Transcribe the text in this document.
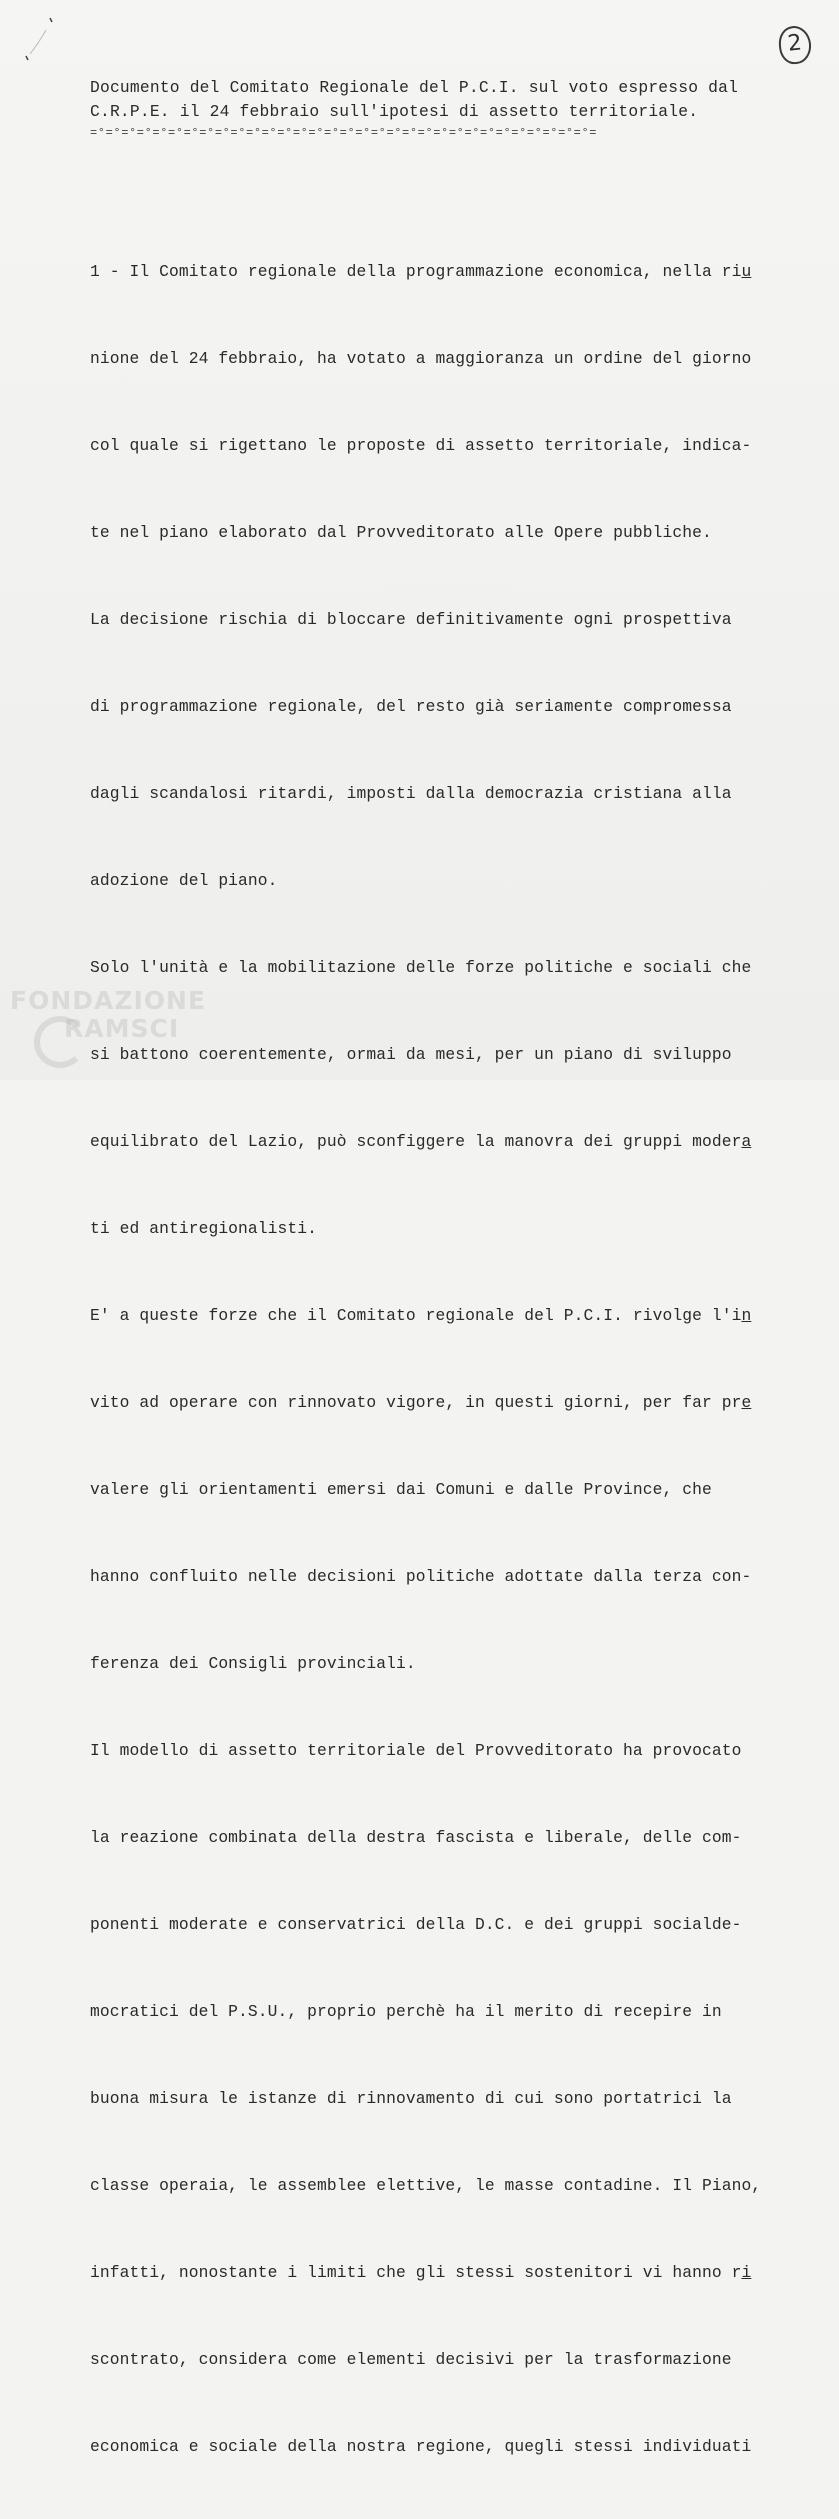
2
Documento del Comitato Regionale del P.C.I. sul voto espresso dal
C.R.P.E. il 24 febbraio sull'ipotesi di assetto territoriale.
=°=°=°=°=°=°=°=°=°=°=°=°=°=°=°=°=°=°=°=°=°=°=°=°=°=°=°=°=°=°=°=°=

1 - Il Comitato regionale della programmazione economica, nella riu

nione del 24 febbraio, ha votato a maggioranza un ordine del giorno

col quale si rigettano le proposte di assetto territoriale, indica-

te nel piano elaborato dal Provveditorato alle Opere pubbliche.

La decisione rischia di bloccare definitivamente ogni prospettiva

di programmazione regionale, del resto già seriamente compromessa

dagli scandalosi ritardi, imposti dalla democrazia cristiana alla

adozione del piano.

Solo l'unità e la mobilitazione delle forze politiche e sociali che

si battono coerentemente, ormai da mesi, per un piano di sviluppo

equilibrato del Lazio, può sconfiggere la manovra dei gruppi modera

ti ed antiregionalisti.

E' a queste forze che il Comitato regionale del P.C.I. rivolge l'in

vito ad operare con rinnovato vigore, in questi giorni, per far pre

valere gli orientamenti emersi dai Comuni e dalle Province, che

hanno confluito nelle decisioni politiche adottate dalla terza con-

ferenza dei Consigli provinciali.

Il modello di assetto territoriale del Provveditorato ha provocato

la reazione combinata della destra fascista e liberale, delle com-

ponenti moderate e conservatrici della D.C. e dei gruppi socialde-

mocratici del P.S.U., proprio perchè ha il merito di recepire in

buona misura le istanze di rinnovamento di cui sono portatrici la

classe operaia, le assemblee elettive, le masse contadine. Il Piano,

infatti, nonostante i limiti che gli stessi sostenitori vi hanno ri

scontrato, considera come elementi decisivi per la trasformazione

economica e sociale della nostra regione, quegli stessi individuati

FONDAZIONE
RAMSCI
